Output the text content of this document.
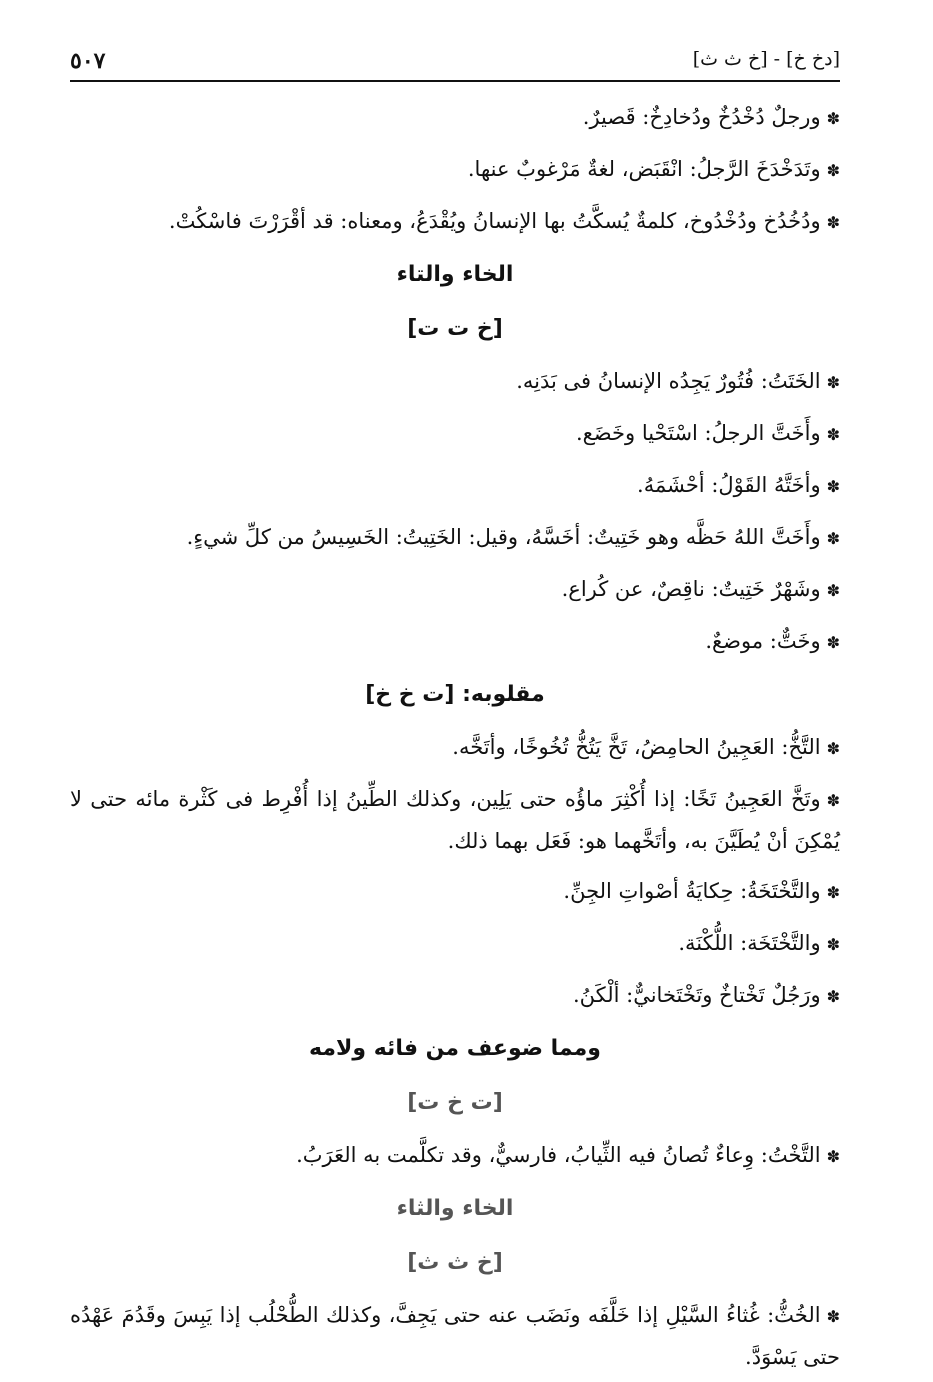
[دخ خ] - [خ ث ث]
٥٠٧

✽ورجلٌ دُخْدُخٌ ودُخادِخٌ: قَصيرٌ.

✽وتَدَخْدَخَ الرَّجلُ: انْقَبَض، لغةٌ مَرْغوبٌ عنها.

✽ودُخُدُخ ودُخْدُوخ، كلمةٌ يُسكَّتُ بها الإنسانُ ويُقْدَعُ، ومعناه: قد أقْرَرْتَ فاسْكُتْ.

الخاء والتاء

[خ ت ت]

✽الخَتَتُ: فُتُورٌ يَجِدُه الإنسانُ فى بَدَنِه.

✽وأَخَتَّ الرجلُ: اسْتَحْيا وخَضَع.

✽وأخَتَّهُ القَوْلُ: أحْشَمَهُ.

✽وأَخَتَّ اللهُ حَظَّه وهو خَتِيتٌ: أخَسَّهُ، وقيل: الخَتِيتُ: الخَسِيسُ من كلِّ شيءٍ.

✽وشَهْرٌ خَتِيتٌ: ناقِصٌ، عن كُراع.

✽وخَتٌّ: موضعٌ.

مقلوبه: [ت خ خ]

✽التَّخُّ: العَجِينُ الحامِضُ، تَخَّ يَتُخُّ تُخُوخًا، وأتَخَّه.

✽وتَخَّ العَجِينُ تَخًا: إذا أُكْثِرَ ماؤُه حتى يَلِين، وكذلك الطِّينُ إذا أُفْرِط فى كَثْرة مائه حتى لا يُمْكِنَ أنْ يُطَيَّنَ به، وأتَخَّهما هو: فَعَل بهما ذلك.

✽والتَّخْتَخَةُ: حِكايَةُ أصْواتِ الجِنِّ.

✽والتَّخْتَخَة: اللُّكْنَة.

✽ورَجُلٌ تَخْتاخٌ وتَخْتَخانيٌّ: ألْكَنُ.

ومما ضوعف من فائه ولامه

[ت خ ت]

✽التَّخْتُ: وِعاءٌ تُصانُ فيه الثِّيابُ، فارسيٌّ، وقد تكلَّمت به العَرَبُ.

الخاء والثاء

[خ ث ث]

✽الخُثُّ: غُثاءُ السَّيْلِ إذا خَلَّفَه ونَضَب عنه حتى يَجِفَّ، وكذلك الطُّحْلُب إذا يَبِسَ وقَدُمَ عَهْدُه حتى يَسْوَدَّ.
